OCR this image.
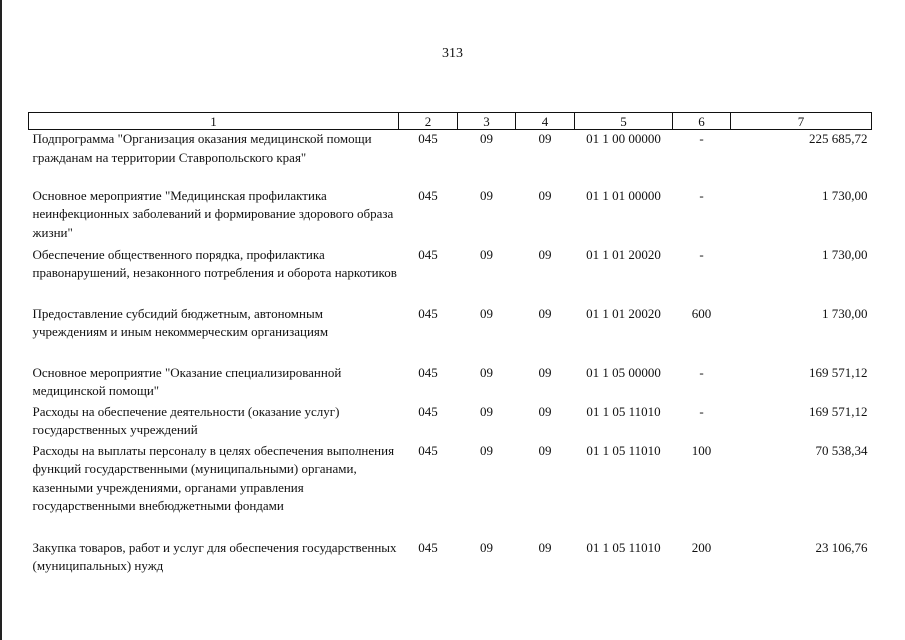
313
1	2	3	4	5	6	7
Подпрограмма "Организация оказания медицинской помощи гражданам на территории Ставропольского края"	045	09	09	01 1 00 00000	-	225 685,72
Основное мероприятие "Медицинская профилактика неинфекционных заболеваний и формирование здорового образа жизни"	045	09	09	01 1 01 00000	-	1 730,00
Обеспечение общественного порядка, профилактика правонарушений, незаконного потребления и оборота наркотиков	045	09	09	01 1 01 20020	-	1 730,00
Предоставление субсидий бюджетным, автономным учреждениям и иным некоммерческим организациям	045	09	09	01 1 01 20020	600	1 730,00
Основное мероприятие "Оказание специализированной медицинской помощи"	045	09	09	01 1 05 00000	-	169 571,12
Расходы на обеспечение деятельности (оказание услуг) государственных учреждений	045	09	09	01 1 05 11010	-	169 571,12
Расходы на выплаты персоналу в целях обеспечения выполнения функций государственными (муниципальными) органами, казенными учреждениями, органами управления государственными внебюджетными фондами	045	09	09	01 1 05 11010	100	70 538,34
Закупка товаров, работ и услуг для обеспечения государственных (муниципальных) нужд	045	09	09	01 1 05 11010	200	23 106,76
